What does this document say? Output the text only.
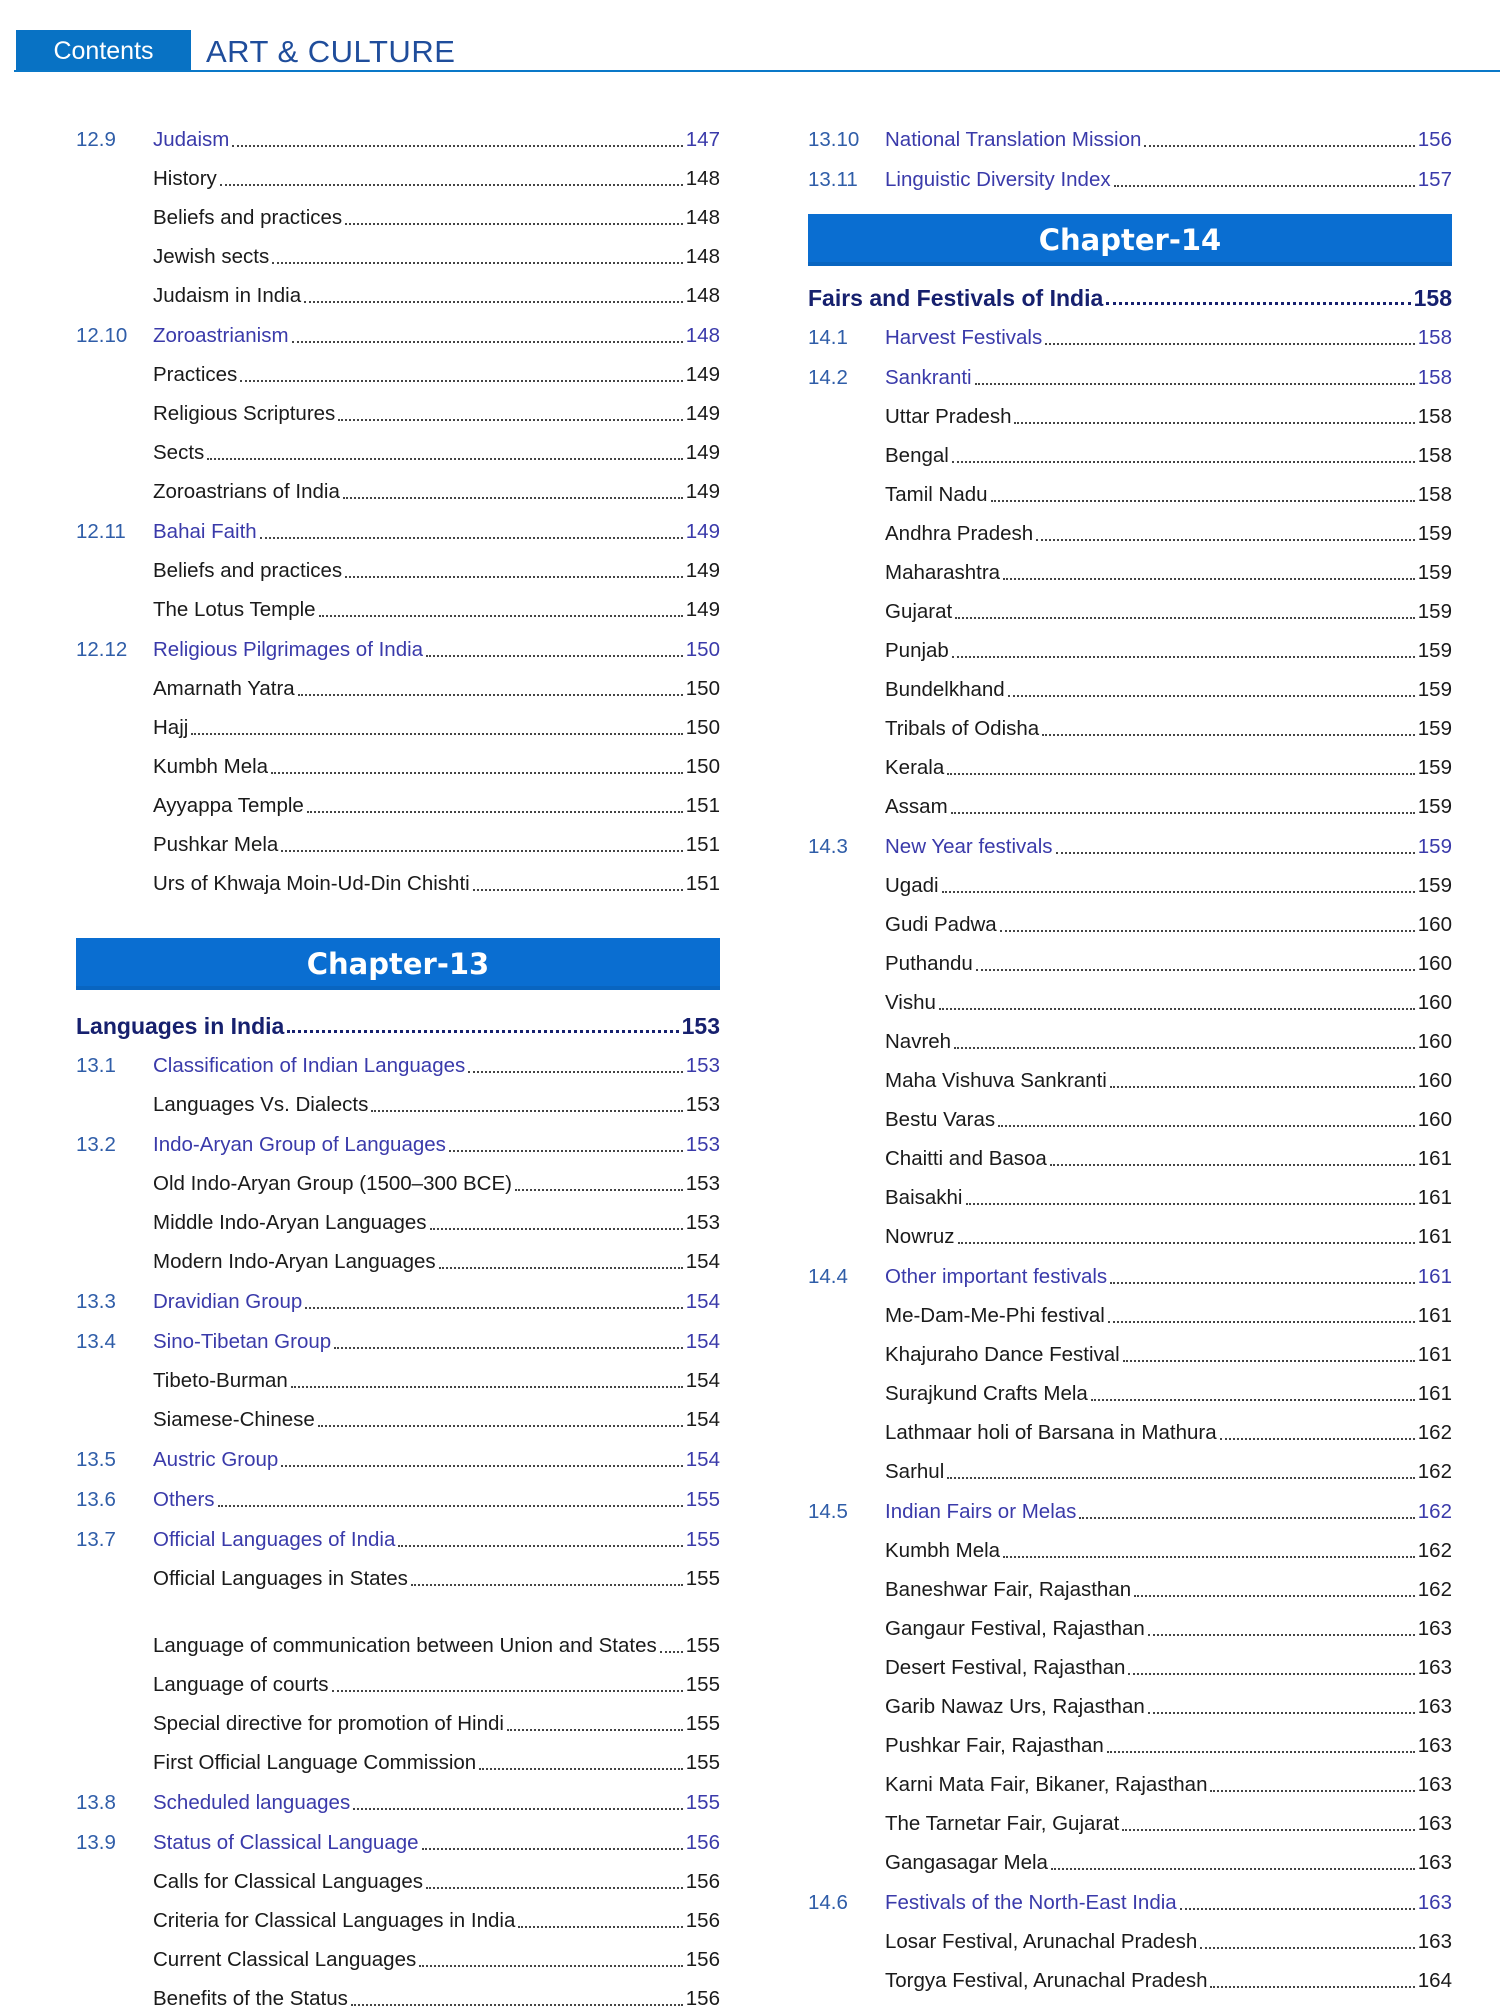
Contents	ART & CULTURE
12.9	Judaism	147
History	148
Beliefs and practices	148
Jewish sects	148
Judaism in India	148
12.10	Zoroastrianism	148
Practices	149
Religious Scriptures	149
Sects	149
Zoroastrians of India	149
12.11	Bahai Faith	149
Beliefs and practices	149
The Lotus Temple	149
12.12	Religious Pilgrimages of India	150
Amarnath Yatra	150
Hajj	150
Kumbh Mela	150
Ayyappa Temple	151
Pushkar Mela	151
Urs of Khwaja Moin-Ud-Din Chishti	151
Chapter-13
Languages in India	153
13.1	Classification of Indian Languages	153
Languages Vs. Dialects	153
13.2	Indo-Aryan Group of Languages	153
Old Indo-Aryan Group (1500–300 BCE)	153
Middle Indo-Aryan Languages	153
Modern Indo-Aryan Languages	154
13.3	Dravidian Group	154
13.4	Sino-Tibetan Group	154
Tibeto-Burman	154
Siamese-Chinese	154
13.5	Austric Group	154
13.6	Others	155
13.7	Official Languages of India	155
Official Languages in States	155
Language of communication between Union and States 155
Language of courts	155
Special directive for promotion of Hindi	155
First Official Language Commission	155
13.8	Scheduled languages	155
13.9	Status of Classical Language	156
Calls for Classical Languages	156
Criteria for Classical Languages in India	156
Current Classical Languages	156
Benefits of the Status	156
13.10	National Translation Mission	156
13.11	Linguistic Diversity Index	157
Chapter-14
Fairs and Festivals of India	158
14.1	Harvest Festivals	158
14.2	Sankranti	158
Uttar Pradesh	158
Bengal	158
Tamil Nadu	158
Andhra Pradesh	159
Maharashtra	159
Gujarat	159
Punjab	159
Bundelkhand	159
Tribals of Odisha	159
Kerala	159
Assam	159
14.3	New Year festivals	159
Ugadi	159
Gudi Padwa	160
Puthandu	160
Vishu	160
Navreh	160
Maha Vishuva Sankranti	160
Bestu Varas	160
Chaitti and Basoa	161
Baisakhi	161
Nowruz	161
14.4	Other important festivals	161
Me-Dam-Me-Phi festival	161
Khajuraho Dance Festival	161
Surajkund Crafts Mela	161
Lathmaar holi of Barsana in Mathura	162
Sarhul	162
14.5	Indian Fairs or Melas	162
Kumbh Mela	162
Baneshwar Fair, Rajasthan	162
Gangaur Festival, Rajasthan	163
Desert Festival, Rajasthan	163
Garib Nawaz Urs, Rajasthan	163
Pushkar Fair, Rajasthan	163
Karni Mata Fair, Bikaner, Rajasthan	163
The Tarnetar Fair, Gujarat	163
Gangasagar Mela	163
14.6	Festivals of the North-East India	163
Losar Festival, Arunachal Pradesh	163
Torgya Festival, Arunachal Pradesh	164
